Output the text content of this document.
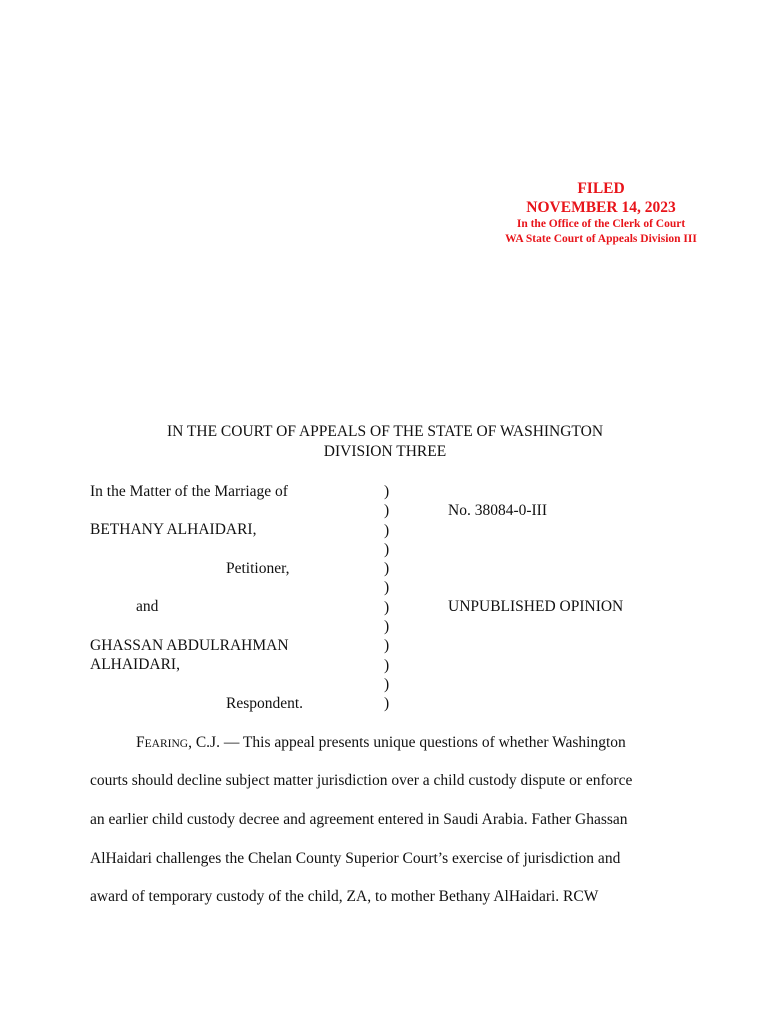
FILED
NOVEMBER 14, 2023
In the Office of the Clerk of Court
WA State Court of Appeals Division III
IN THE COURT OF APPEALS OF THE STATE OF WASHINGTON
DIVISION THREE
In the Matter of the Marriage of
BETHANY ALHAIDARI,
Petitioner,
and
GHASSAN ABDULRAHMAN
ALHAIDARI,
Respondent.
)
)
)
)
)
)
)
)
)
)
)
)
No. 38084-0-III
UNPUBLISHED OPINION
FEARING, C.J. — This appeal presents unique questions of whether Washington
courts should decline subject matter jurisdiction over a child custody dispute or enforce
an earlier child custody decree and agreement entered in Saudi Arabia. Father Ghassan
AlHaidari challenges the Chelan County Superior Court’s exercise of jurisdiction and
award of temporary custody of the child, ZA, to mother Bethany AlHaidari. RCW
